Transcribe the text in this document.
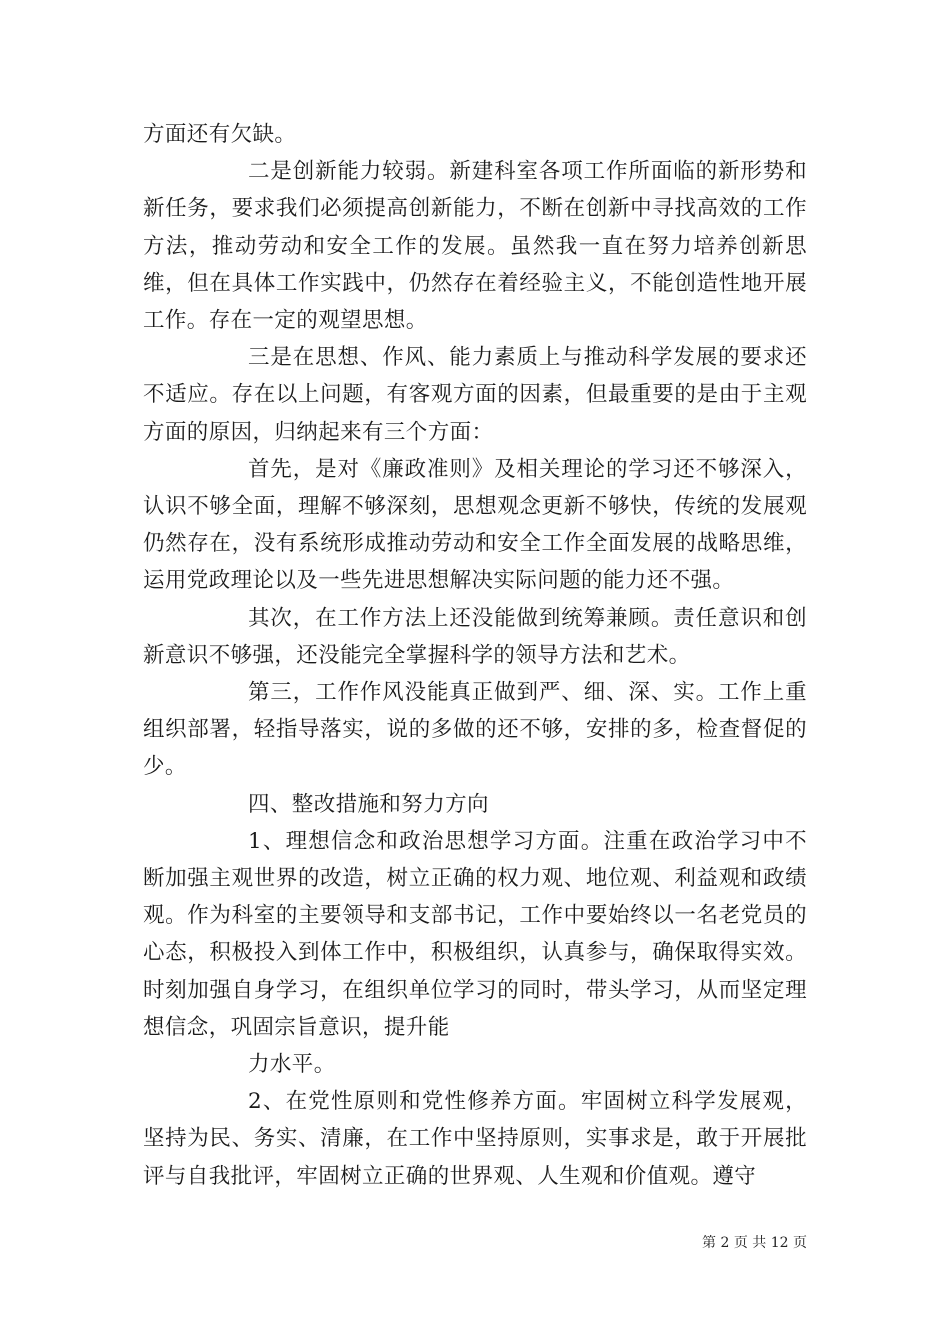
方面还有欠缺。

二是创新能力较弱。新建科室各项工作所面临的新形势和新任务，要求我们必须提高创新能力，不断在创新中寻找高效的工作方法，推动劳动和安全工作的发展。虽然我一直在努力培养创新思维，但在具体工作实践中，仍然存在着经验主义，不能创造性地开展工作。存在一定的观望思想。

三是在思想、作风、能力素质上与推动科学发展的要求还不适应。存在以上问题，有客观方面的因素，但最重要的是由于主观方面的原因，归纳起来有三个方面：

首先，是对《廉政准则》及相关理论的学习还不够深入，认识不够全面，理解不够深刻，思想观念更新不够快，传统的发展观仍然存在，没有系统形成推动劳动和安全工作全面发展的战略思维，运用党政理论以及一些先进思想解决实际问题的能力还不强。

其次，在工作方法上还没能做到统筹兼顾。责任意识和创新意识不够强，还没能完全掌握科学的领导方法和艺术。

第三，工作作风没能真正做到严、细、深、实。工作上重组织部署，轻指导落实，说的多做的还不够，安排的多，检查督促的少。

四、整改措施和努力方向

1、理想信念和政治思想学习方面。注重在政治学习中不断加强主观世界的改造，树立正确的权力观、地位观、利益观和政绩观。作为科室的主要领导和支部书记，工作中要始终以一名老党员的心态，积极投入到体工作中，积极组织，认真参与，确保取得实效。时刻加强自身学习，在组织单位学习的同时，带头学习，从而坚定理想信念，巩固宗旨意识，提升能

力水平。

2、在党性原则和党性修养方面。牢固树立科学发展观，坚持为民、务实、清廉，在工作中坚持原则，实事求是，敢于开展批评与自我批评，牢固树立正确的世界观、人生观和价值观。遵守

第 2 页 共 12 页
